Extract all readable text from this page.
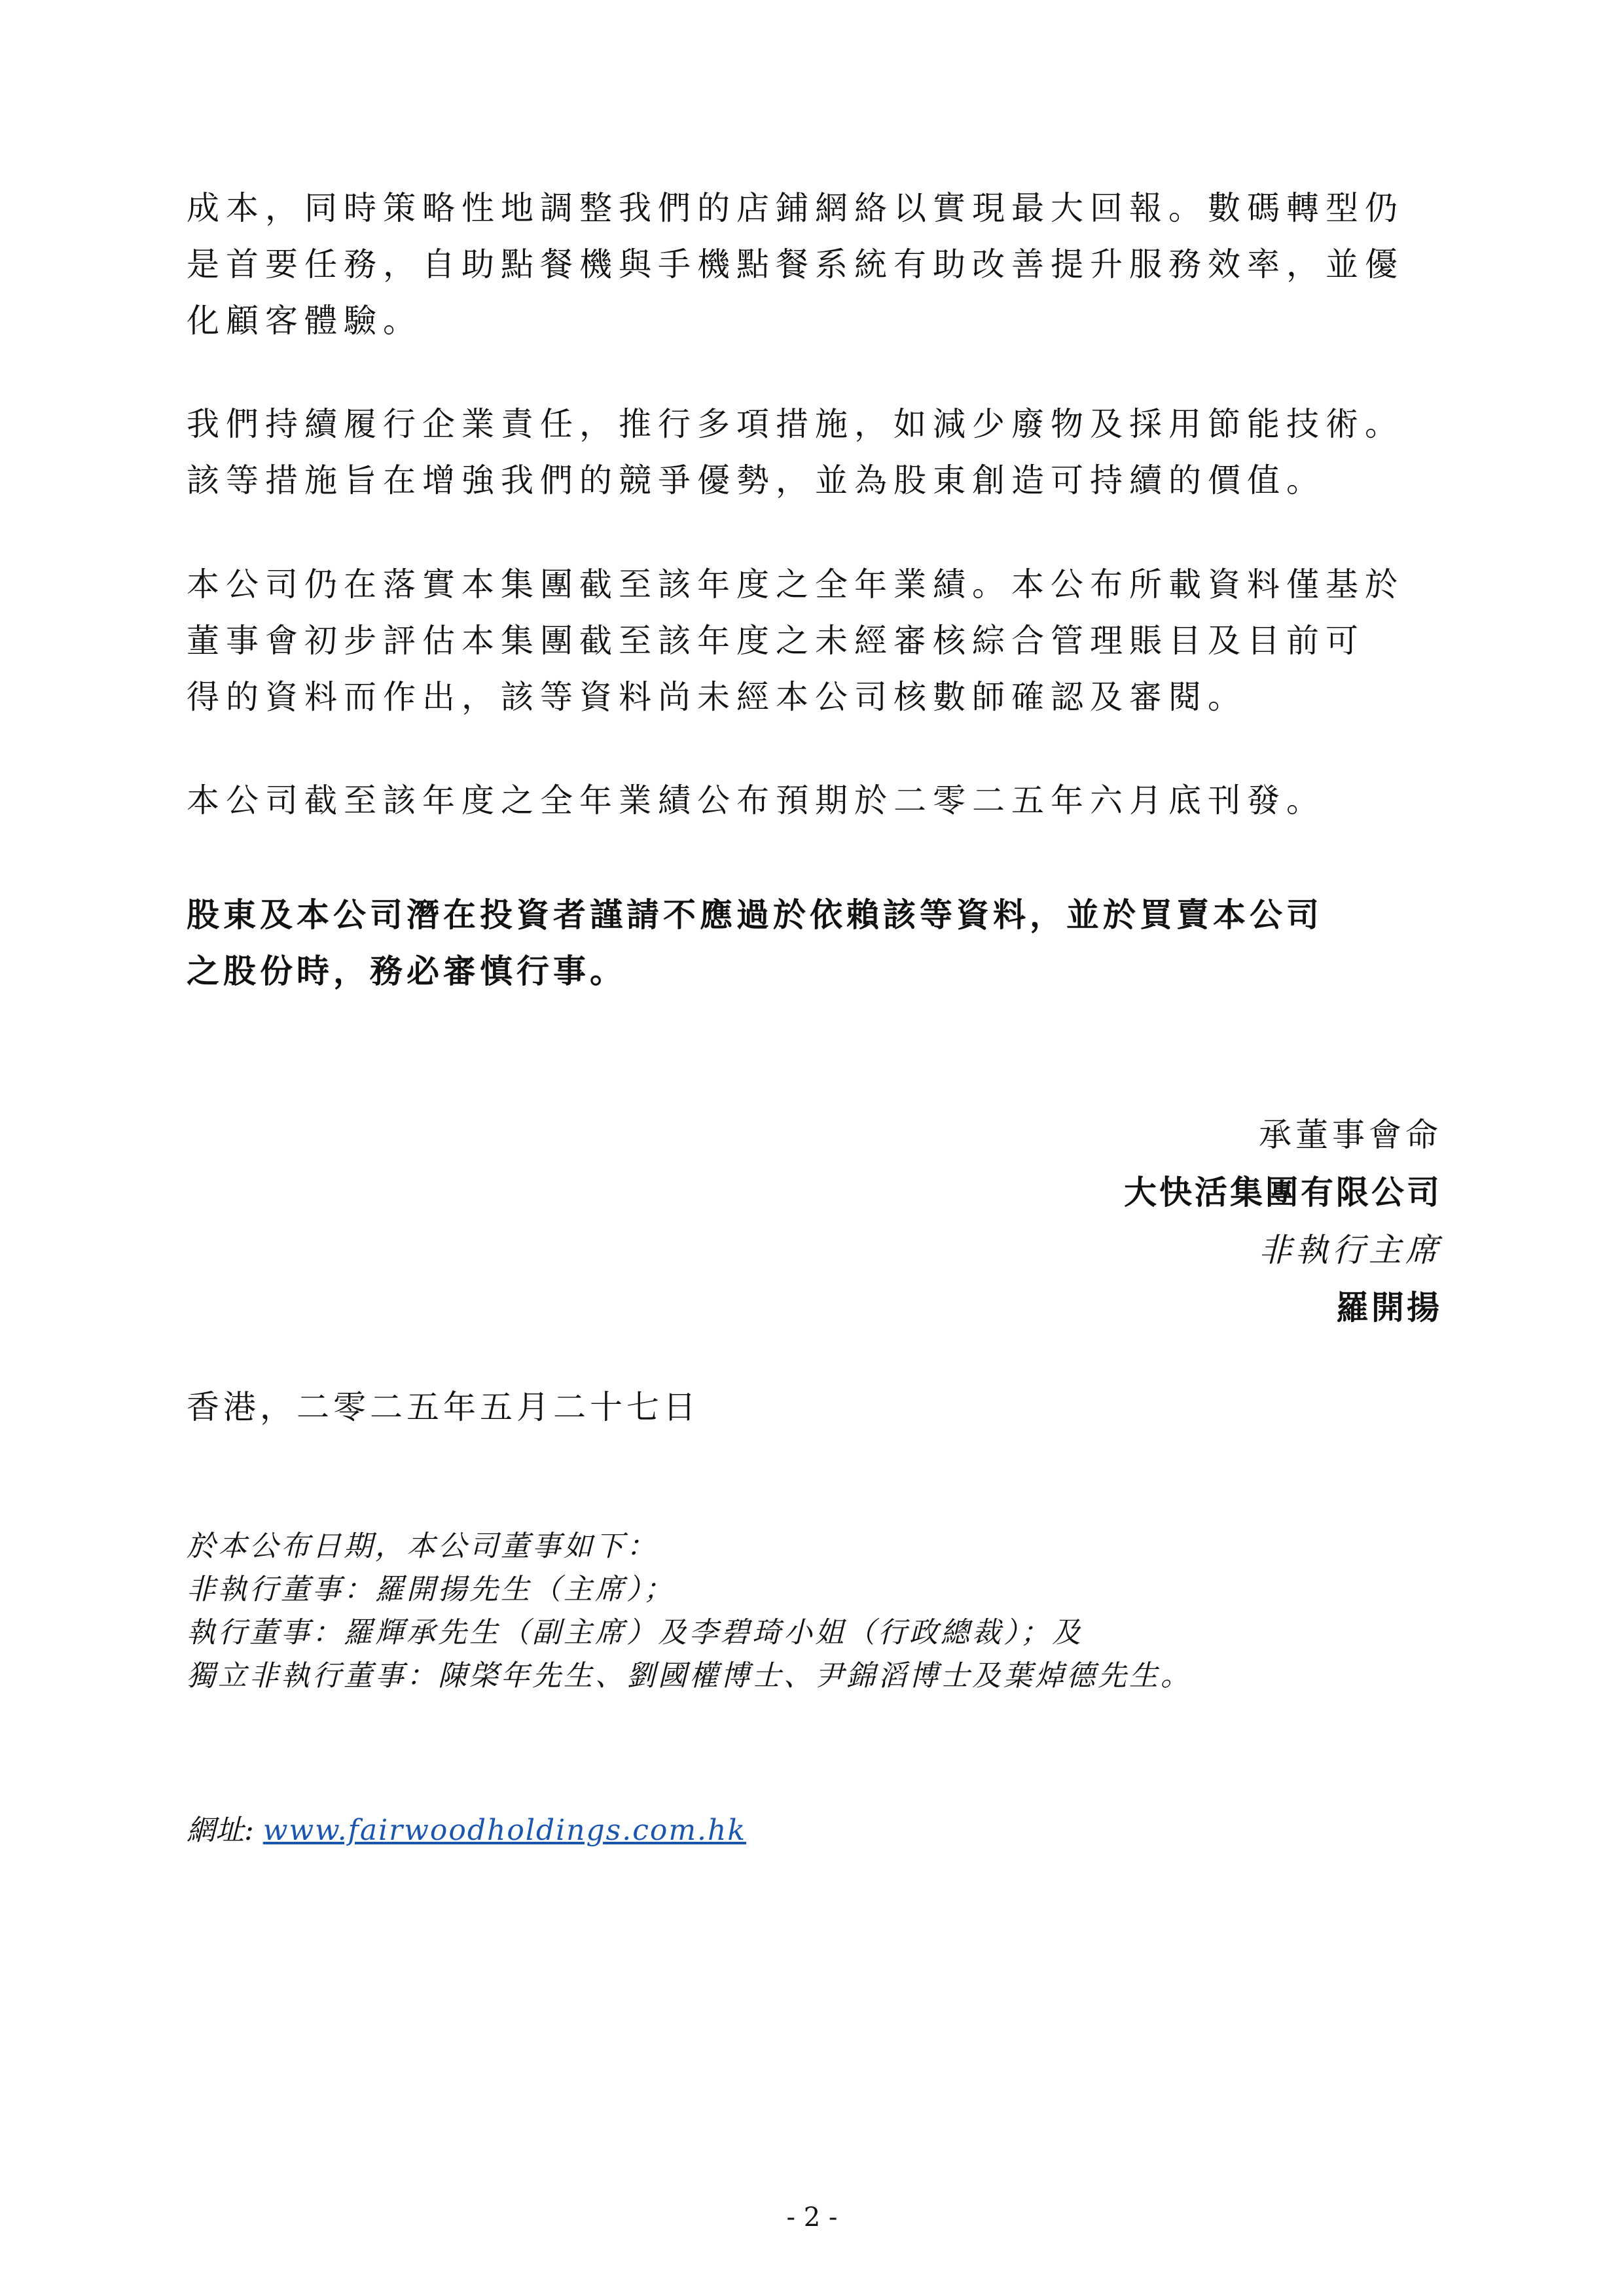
成本，同時策略性地調整我們的店鋪網絡以實現最大回報。數碼轉型仍
是首要任務，自助點餐機與手機點餐系統有助改善提升服務效率，並優
化顧客體驗。

我們持續履行企業責任，推行多項措施，如減少廢物及採用節能技術。
該等措施旨在增強我們的競爭優勢，並為股東創造可持續的價值。

本公司仍在落實本集團截至該年度之全年業績。本公布所載資料僅基於
董事會初步評估本集團截至該年度之未經審核綜合管理賬目及目前可
得的資料而作出，該等資料尚未經本公司核數師確認及審閱。

本公司截至該年度之全年業績公布預期於二零二五年六月底刊發。

股東及本公司潛在投資者謹請不應過於依賴該等資料，並於買賣本公司
之股份時，務必審慎行事。

承董事會命
大快活集團有限公司
非執行主席
羅開揚
香港，二零二五年五月二十七日
於本公布日期，本公司董事如下：
非執行董事：羅開揚先生（主席）；
執行董事：羅輝承先生（副主席）及李碧琦小姐（行政總裁）；及
獨立非執行董事：陳棨年先生、劉國權博士、尹錦滔博士及葉焯德先生。
網址: www.fairwoodholdings.com.hk
- 2 -
